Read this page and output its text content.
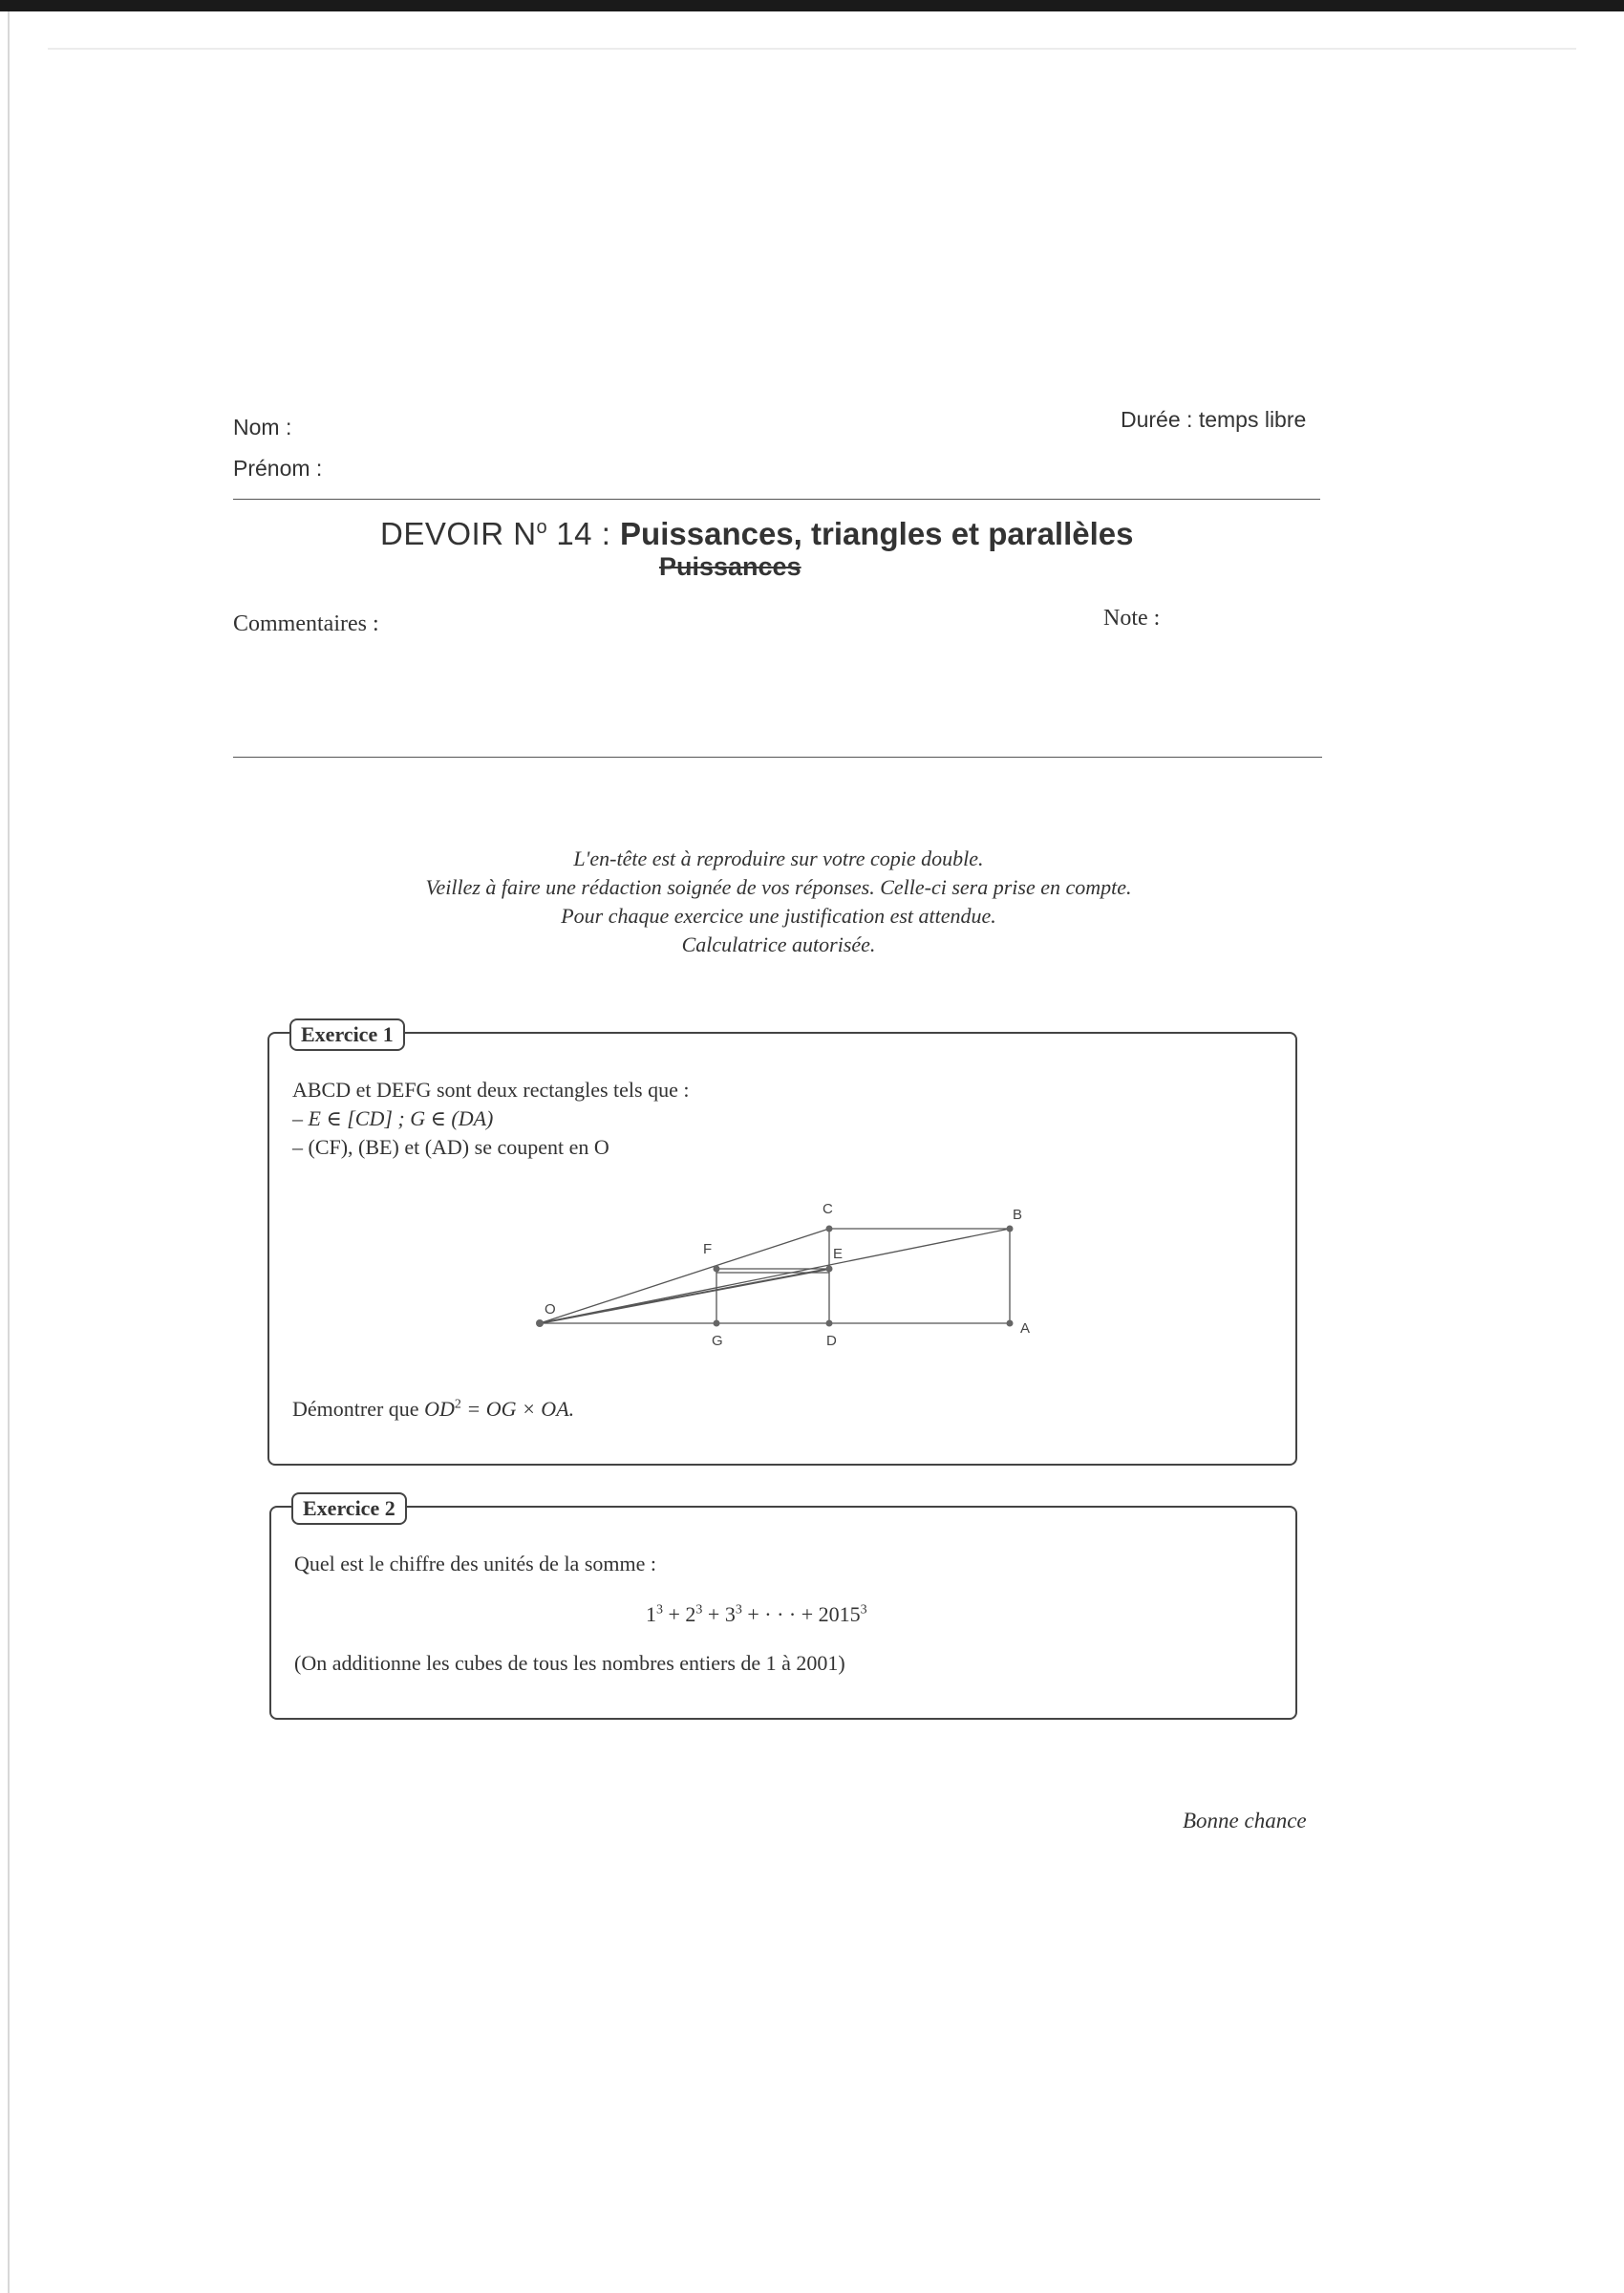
Nom :
Prénom :
Durée : temps libre
DEVOIR $N^o$ 14 : Puissances, triangles et parallèles
Puissances
Commentaires :	Note :
L'en-tête est à reproduire sur votre copie double.
Veillez à faire une rédaction soignée de vos réponses. Celle-ci sera prise en compte.
Pour chaque exercice une justification est attendue.
Calculatrice autorisée.
Exercice 1
ABCD et DEFG sont deux rectangles tels que :
– E ∈ [CD] ; G ∈ (DA)
– (CF), (BE) et (AD) se coupent en O
O
A
B
C
D
E
F
G
Démontrer que $OD^2$ = OG × OA.
Exercice 2
Quel est le chiffre des unités de la somme :
$1^3 + 2^3 + 3^3$ + · · · + $2015^3$
(On additionne les cubes de tous les nombres entiers de 1 à 2001)
Bonne chance
